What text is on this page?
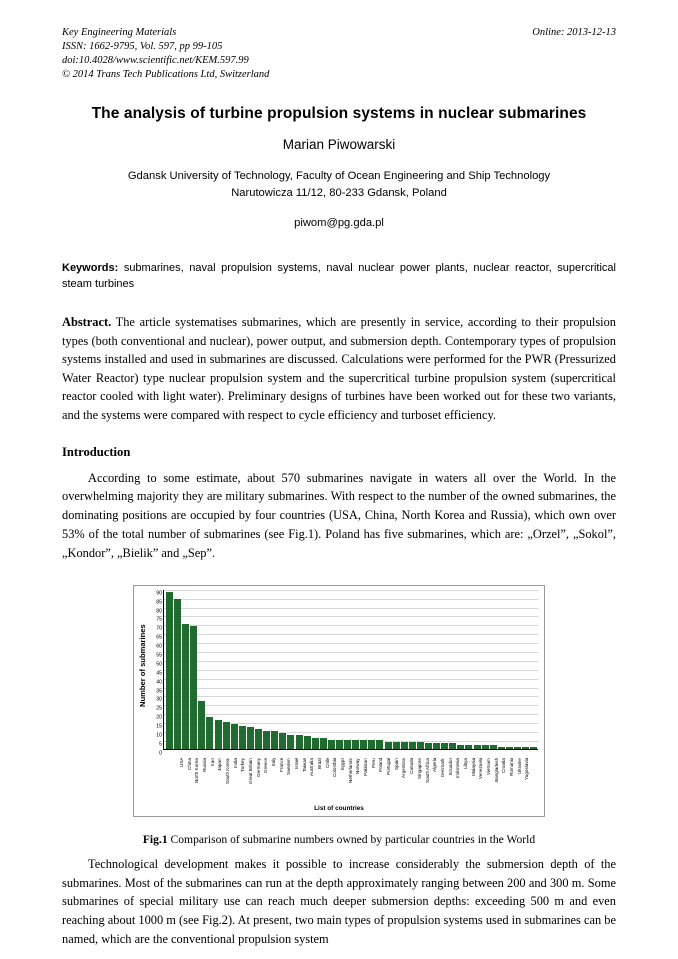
Key Engineering Materials
ISSN: 1662-9795, Vol. 597, pp 99-105
doi:10.4028/www.scientific.net/KEM.597.99
© 2014 Trans Tech Publications Ltd, Switzerland
Online: 2013-12-13
The analysis of turbine propulsion systems in nuclear submarines
Marian Piwowarski
Gdansk University of Technology, Faculty of Ocean Engineering and Ship Technology
Narutowicza 11/12, 80-233 Gdansk, Poland
piwom@pg.gda.pl
Keywords: submarines, naval propulsion systems, naval nuclear power plants, nuclear reactor, supercritical steam turbines
Abstract. The article systematises submarines, which are presently in service, according to their propulsion types (both conventional and nuclear), power output, and submersion depth. Contemporary types of propulsion systems installed and used in submarines are discussed. Calculations were performed for the PWR (Pressurized Water Reactor) type nuclear propulsion system and the supercritical turbine propulsion system (supercritical reactor cooled with light water). Preliminary designs of turbines have been worked out for these two variants, and the systems were compared with respect to cycle efficiency and turboset efficiency.
Introduction
According to some estimate, about 570 submarines navigate in waters all over the World. In the overwhelming majority they are military submarines. With respect to the number of the owned submarines, the dominating positions are occupied by four countries (USA, China, North Korea and Russia), which own over 53% of the total number of submarines (see Fig.1). Poland has five submarines, which are: „Orzel”, „Sokol”, „Kondor”, „Bielik” and „Sep”.
Number of submarines
0
5
10
15
20
25
30
35
40
45
50
55
60
65
70
75
80
85
90
USA China North Korea Russia Iran Japan South Korea India Turkey Great Britain Germany Greece Italy France Sweden Israel Taiwan Australia Brazil Chile Colombia Egypt Netherlands Norway Pakistan Peru Poland Portugal Spain Argentina Canada Singapore South Africa Algeria Denmark Ecuador Indonesia Libya Malaysia Venezuela Vietnam Bangladesh Croatia Romania Ukraine Yugoslavia
List of countries
Fig.1 Comparison of submarine numbers owned by particular countries in the World
Technological development makes it possible to increase considerably the submersion depth of the submarines. Most of the submarines can run at the depth approximately ranging between 200 and 300 m. Some submarines of special military use can reach much deeper submersion depths: exceeding 500 m and even reaching about 1000 m (see Fig.2). At present, two main types of propulsion systems used in submarines can be named, which are the conventional propulsion system
